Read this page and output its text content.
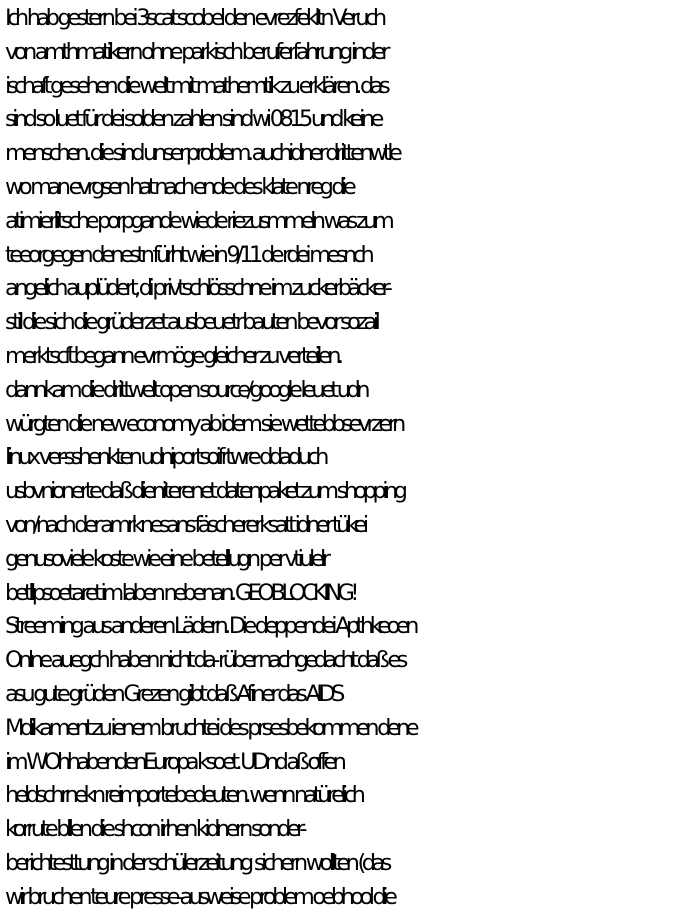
Ich hab gestern bei 3scat scobel den evrezfekltn Veruch
von amthmatikern ohne parkisch beruferfahrung inder
ischaft gesehen die welt mit mathemtik zu erklären. das
sind so luet für dei solden zahlen sind wi 0815 und keine
menschen. die sind unser problem. auchidner drittenwtle
wo man evrgsen hat nach ende des klate nreg die
atimierlitsche porpgande wiede riezusmmeln was zum
teeorgegen denestn fürht wie in 9/11 de rdei mesnch
angelich auplüdert, di privtschlösschne im zuckerbäcker-
stil die sich die grüderzet ausbeuetr bauten bevor sozail
merktscft begann evrmöge gleicher zu verteilen.
dannkam die drittwelt open source/google leuet udn
würgten die new economy ab idem sie wettebbsevrzern
linux ver-sshenkten udniportsoifrtwre ddaduch
usbvnionerte daß dieniterenet datenpaket zum shopping
von/nach der amrknesans fäschererksatt idner tükei
genusoviele koste wie eine betellugn per vtiulelr
betllpsoetaret im laben nebenan. GEOBLOCKING!
Streeming aus anderen Lädern. Die deppendei Apthkeoen
Onlne auegch haben nicht da- rüber nachgedacht daß es
asu gute grüden Grezen gibt daß Afiner das AIDS
Mdikament zu ienem bruchtei des prsesbekommen dene
im WOhhabendenEuropa ksoet. UDnd aß offen
heldschrnekn reimportebedeuten. wenn natürelich
korrute bllen die shcon irhen kidnern sonder-
berichtesttung in der schülerzeitung  sichern wollten (das
wir bruchen teure presse-ausweise problem oebhool die
